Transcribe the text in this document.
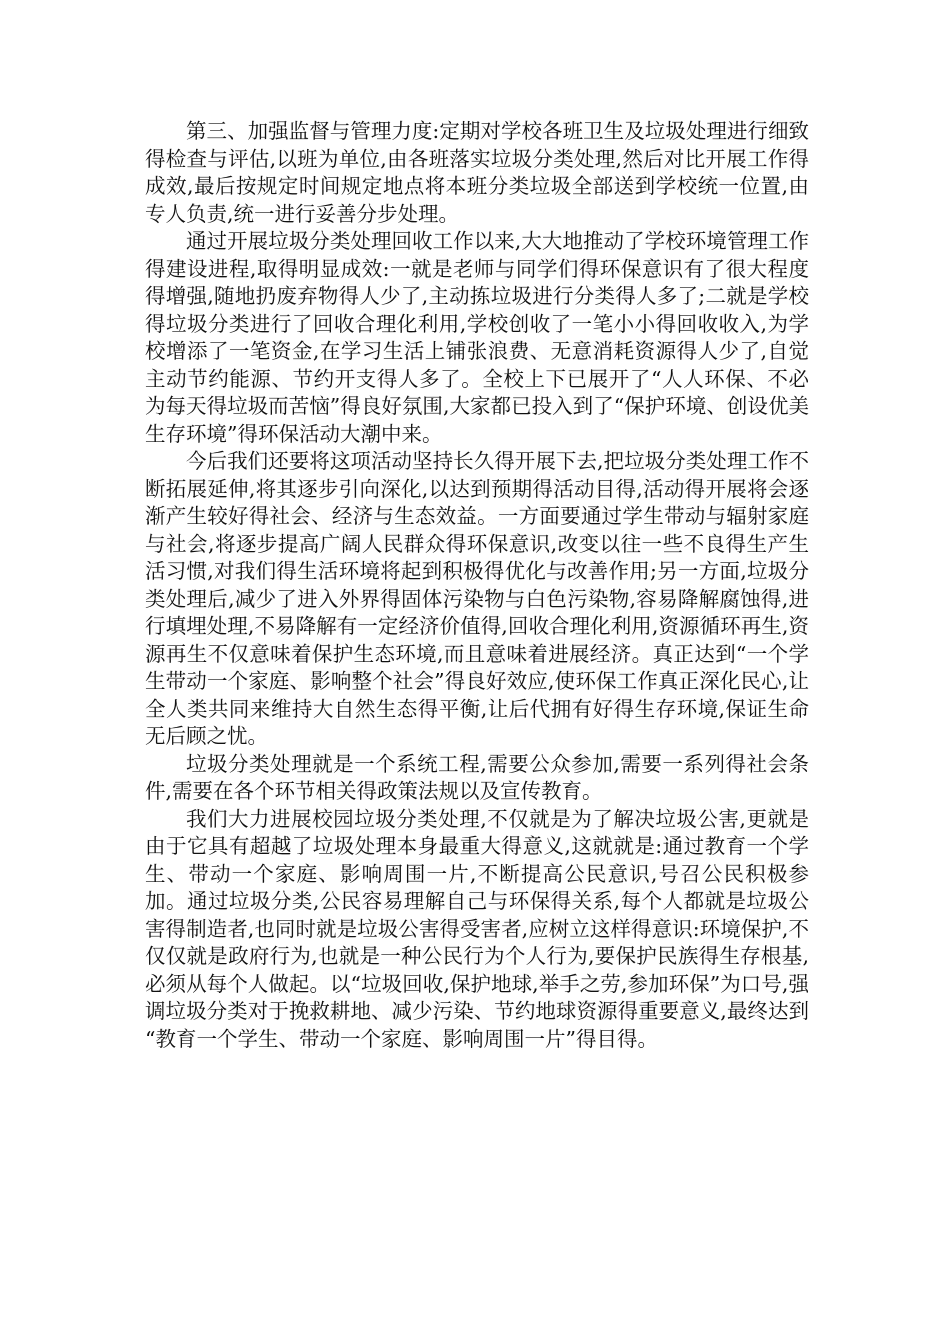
第三、加强监督与管理力度:定期对学校各班卫生及垃圾处理进行细致得检查与评估,以班为单位,由各班落实垃圾分类处理,然后对比开展工作得成效,最后按规定时间规定地点将本班分类垃圾全部送到学校统一位置,由专人负责,统一进行妥善分步处理。

通过开展垃圾分类处理回收工作以来,大大地推动了学校环境管理工作得建设进程,取得明显成效:一就是老师与同学们得环保意识有了很大程度得增强,随地扔废弃物得人少了,主动拣垃圾进行分类得人多了;二就是学校得垃圾分类进行了回收合理化利用,学校创收了一笔小小得回收收入,为学校增添了一笔资金,在学习生活上铺张浪费、无意消耗资源得人少了,自觉主动节约能源、节约开支得人多了。全校上下已展开了“人人环保、不必为每天得垃圾而苦恼”得良好氛围,大家都已投入到了“保护环境、创设优美生存环境”得环保活动大潮中来。

今后我们还要将这项活动坚持长久得开展下去,把垃圾分类处理工作不断拓展延伸,将其逐步引向深化,以达到预期得活动目得,活动得开展将会逐渐产生较好得社会、经济与生态效益。一方面要通过学生带动与辐射家庭与社会,将逐步提高广阔人民群众得环保意识,改变以往一些不良得生产生活习惯,对我们得生活环境将起到积极得优化与改善作用;另一方面,垃圾分类处理后,减少了进入外界得固体污染物与白色污染物,容易降解腐蚀得,进行填埋处理,不易降解有一定经济价值得,回收合理化利用,资源循环再生,资源再生不仅意味着保护生态环境,而且意味着进展经济。真正达到“一个学生带动一个家庭、影响整个社会”得良好效应,使环保工作真正深化民心,让全人类共同来维持大自然生态得平衡,让后代拥有好得生存环境,保证生命无后顾之忧。

垃圾分类处理就是一个系统工程,需要公众参加,需要一系列得社会条件,需要在各个环节相关得政策法规以及宣传教育。

我们大力进展校园垃圾分类处理,不仅就是为了解决垃圾公害,更就是由于它具有超越了垃圾处理本身最重大得意义,这就就是:通过教育一个学生、带动一个家庭、影响周围一片,不断提高公民意识,号召公民积极参加。通过垃圾分类,公民容易理解自己与环保得关系,每个人都就是垃圾公害得制造者,也同时就是垃圾公害得受害者,应树立这样得意识:环境保护,不仅仅就是政府行为,也就是一种公民行为个人行为,要保护民族得生存根基,必须从每个人做起。以“垃圾回收,保护地球,举手之劳,参加环保”为口号,强调垃圾分类对于挽救耕地、减少污染、节约地球资源得重要意义,最终达到 “教育一个学生、带动一个家庭、影响周围一片”得目得。
